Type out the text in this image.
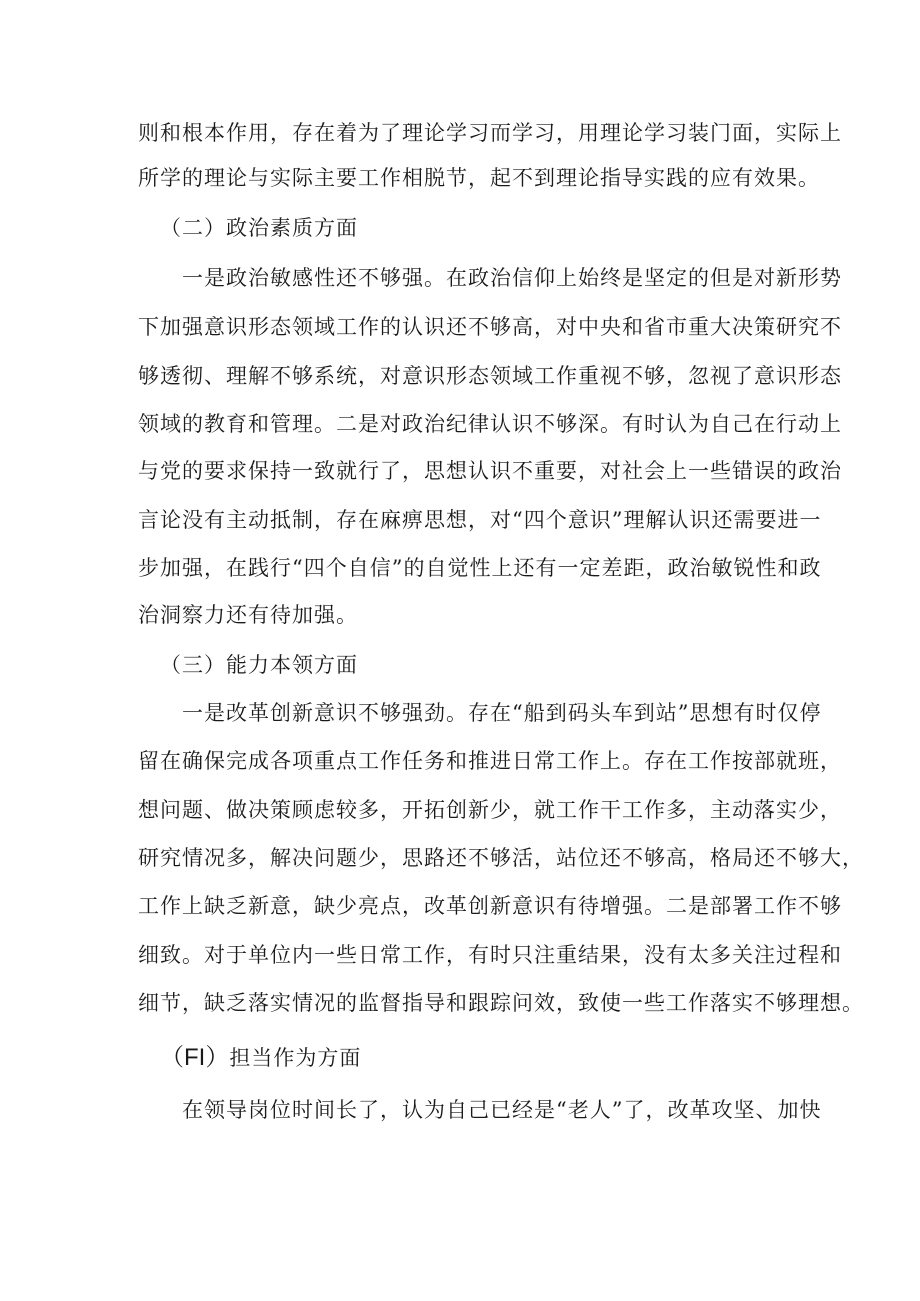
则和根本作用，存在着为了理论学习而学习，用理论学习装门面，实际上
所学的理论与实际主要工作相脱节，起不到理论指导实践的应有效果。
（二）政治素质方面
一是政治敏感性还不够强。在政治信仰上始终是坚定的但是对新形势
下加强意识形态领域工作的认识还不够高，对中央和省市重大决策研究不
够透彻、理解不够系统，对意识形态领域工作重视不够，忽视了意识形态
领域的教育和管理。二是对政治纪律认识不够深。有时认为自己在行动上
与党的要求保持一致就行了，思想认识不重要，对社会上一些错误的政治
言论没有主动抵制，存在麻痹思想，对“四个意识”理解认识还需要进一
步加强，在践行“四个自信”的自觉性上还有一定差距，政治敏锐性和政
治洞察力还有待加强。
（三）能力本领方面
一是改革创新意识不够强劲。存在“船到码头车到站”思想有时仅停
留在确保完成各项重点工作任务和推进日常工作上。存在工作按部就班，
想问题、做决策顾虑较多，开拓创新少，就工作干工作多，主动落实少，
研究情况多，解决问题少，思路还不够活，站位还不够高，格局还不够大，
工作上缺乏新意，缺少亮点，改革创新意识有待增强。二是部署工作不够
细致。对于单位内一些日常工作，有时只注重结果，没有太多关注过程和
细节，缺乏落实情况的监督指导和跟踪问效，致使一些工作落实不够理想。
（FI）担当作为方面
在领导岗位时间长了，认为自己已经是“老人”了，改革攻坚、加快
